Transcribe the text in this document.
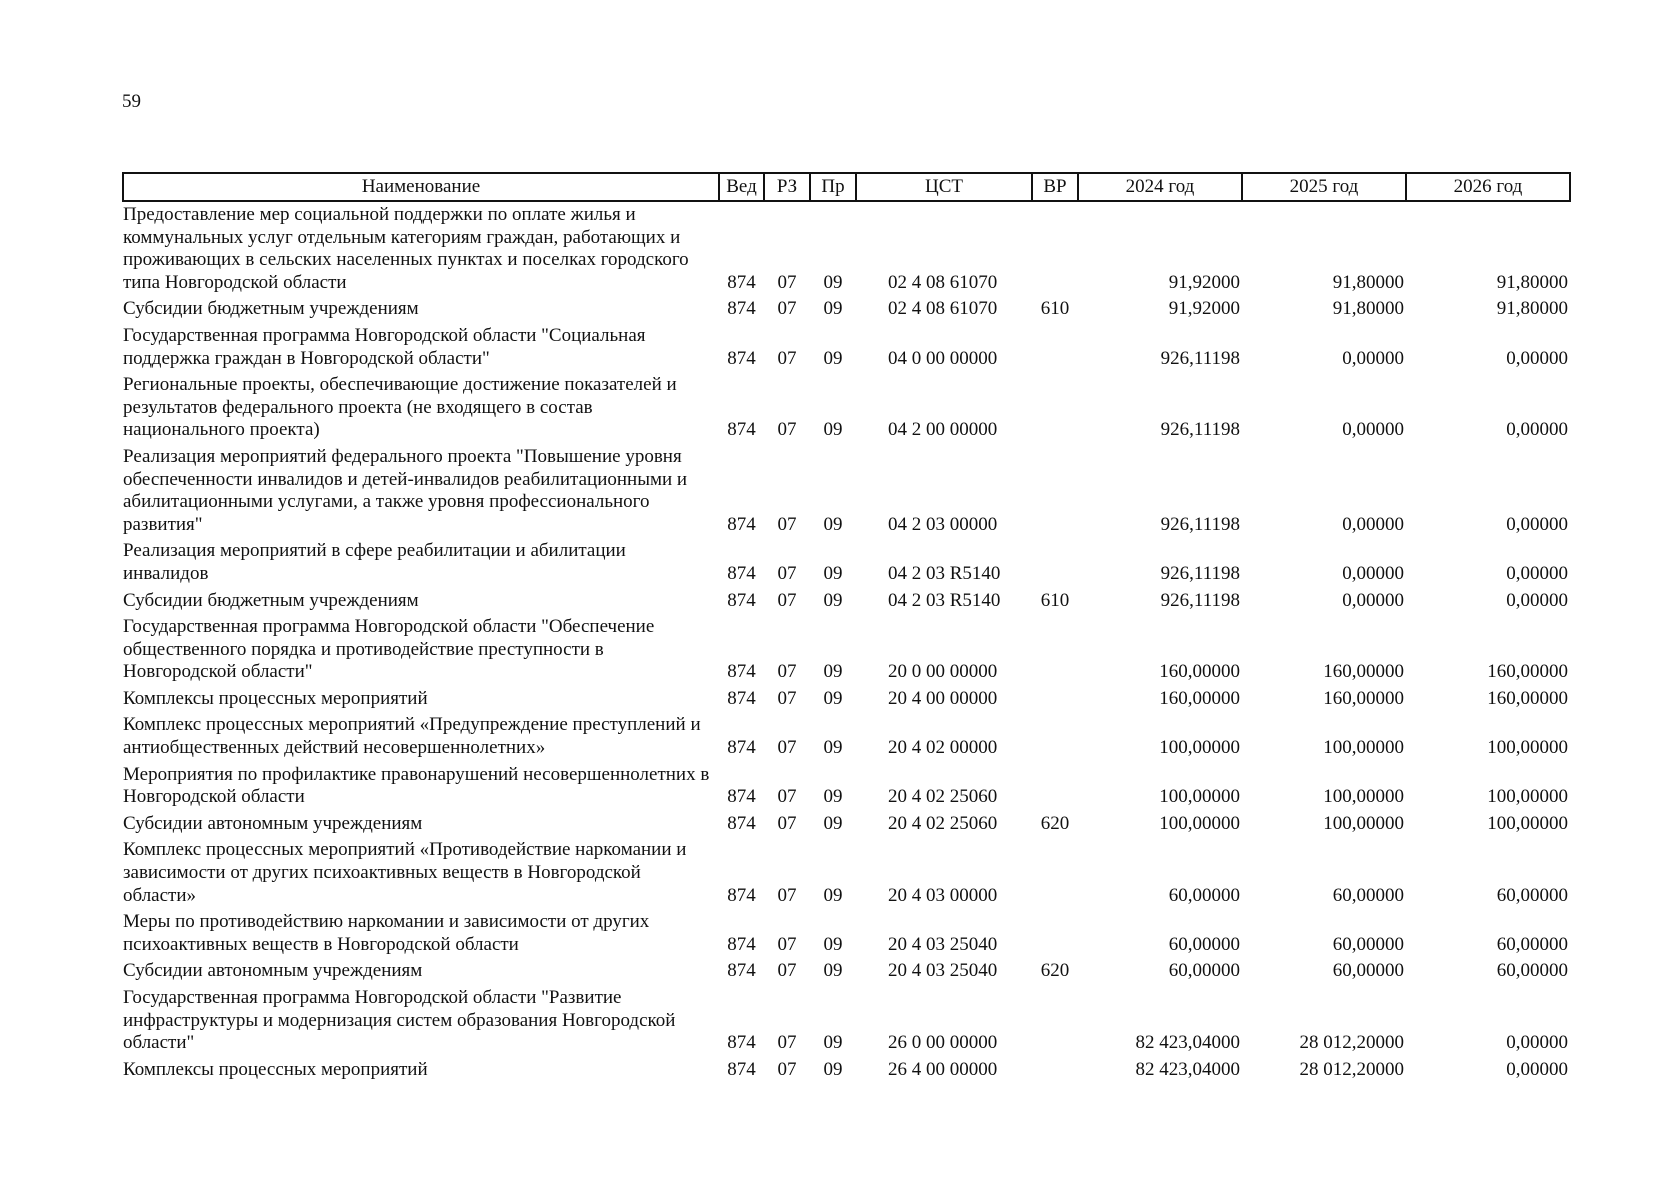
59
Наименование	Вед	РЗ	Пр	ЦСТ	ВР	2024 год	2025 год	2026 год
Предоставление мер социальной поддержки по оплате жилья и коммунальных услуг отдельным категориям граждан, работающих и проживающих в сельских населенных пунктах и поселках городского типа Новгородской области	874	07	09	02 4 08 61070		91,92000	91,80000	91,80000
Субсидии бюджетным учреждениям	874	07	09	02 4 08 61070	610	91,92000	91,80000	91,80000
Государственная программа Новгородской области "Социальная поддержка граждан в Новгородской области"	874	07	09	04 0 00 00000		926,11198	0,00000	0,00000
Региональные проекты, обеспечивающие достижение показателей и результатов федерального проекта (не входящего в состав национального проекта)	874	07	09	04 2 00 00000		926,11198	0,00000	0,00000
Реализация мероприятий федерального проекта "Повышение уровня обеспеченности инвалидов и детей-инвалидов реабилитационными и абилитационными услугами, а также уровня профессионального развития"	874	07	09	04 2 03 00000		926,11198	0,00000	0,00000
Реализация мероприятий в сфере реабилитации и абилитации инвалидов	874	07	09	04 2 03 R5140		926,11198	0,00000	0,00000
Субсидии бюджетным учреждениям	874	07	09	04 2 03 R5140	610	926,11198	0,00000	0,00000
Государственная программа Новгородской области "Обеспечение общественного порядка и противодействие преступности в Новгородской области"	874	07	09	20 0 00 00000		160,00000	160,00000	160,00000
Комплексы процессных мероприятий	874	07	09	20 4 00 00000		160,00000	160,00000	160,00000
Комплекс процессных мероприятий «Предупреждение преступлений и антиобщественных действий несовершеннолетних»	874	07	09	20 4 02 00000		100,00000	100,00000	100,00000
Мероприятия по профилактике правонарушений несовершеннолетних в Новгородской области	874	07	09	20 4 02 25060		100,00000	100,00000	100,00000
Субсидии автономным учреждениям	874	07	09	20 4 02 25060	620	100,00000	100,00000	100,00000
Комплекс процессных мероприятий «Противодействие наркомании и зависимости от других психоактивных веществ в Новгородской области»	874	07	09	20 4 03 00000		60,00000	60,00000	60,00000
Меры по противодействию наркомании и зависимости от других психоактивных веществ в Новгородской области	874	07	09	20 4 03 25040		60,00000	60,00000	60,00000
Субсидии автономным учреждениям	874	07	09	20 4 03 25040	620	60,00000	60,00000	60,00000
Государственная программа Новгородской области "Развитие инфраструктуры и модернизация систем образования Новгородской области"	874	07	09	26 0 00 00000		82 423,04000	28 012,20000	0,00000
Комплексы процессных мероприятий	874	07	09	26 4 00 00000		82 423,04000	28 012,20000	0,00000
